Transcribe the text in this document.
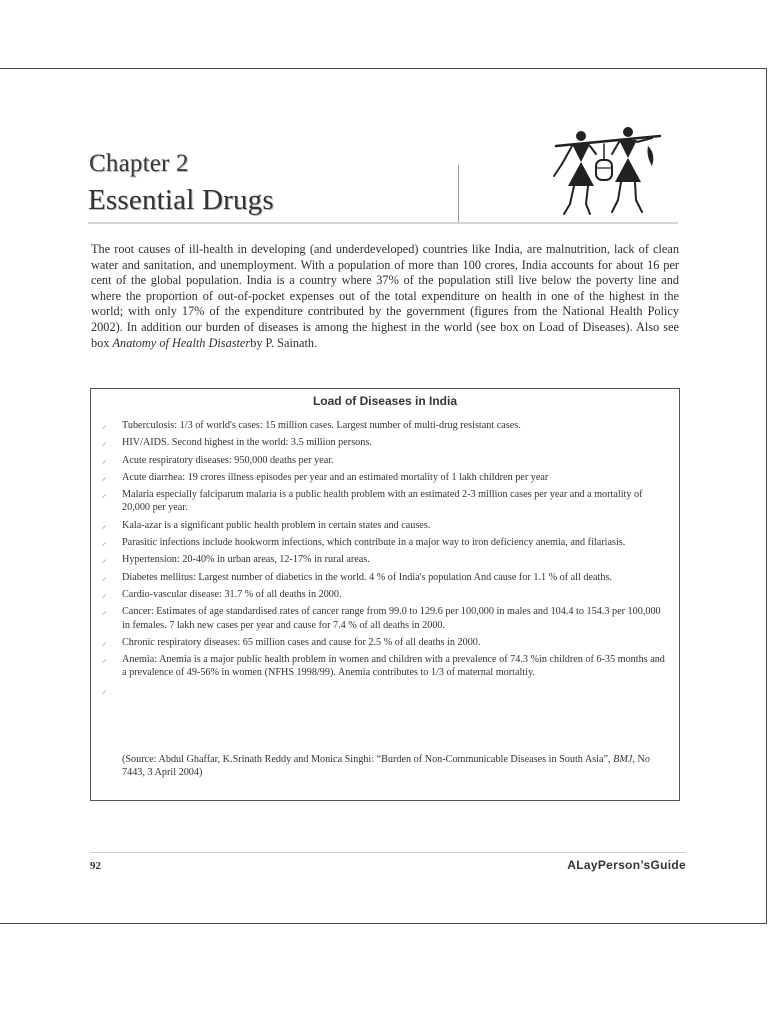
Chapter 2
Essential Drugs

The root causes of ill-health in developing (and underdeveloped) countries like India, are malnutrition, lack of clean water and sanitation, and unemployment. With a population of more than 100 crores, India accounts for about 16 per cent of the global population. India is a country where 37% of the population still live below the poverty line and where the proportion of out-of-pocket expenses out of the total expenditure on health in one of the highest in the world; with only 17% of the expenditure contributed by the government (figures from the National Health Policy 2002). In addition our burden of diseases is among the highest in the world (see box on Load of Diseases). Also see box Anatomy of Health Disasterby P. Sainath.

Load of Diseases in India
⸝ Tuberculosis: 1/3 of world's cases: 15 million cases. Largest number of multi-drug resistant cases.
⸝ HIV/AIDS. Second highest in the world: 3.5 million persons.
⸝ Acute respiratory diseases: 950,000 deaths per year.
⸝ Acute diarrhea: 19 crores illness episodes per year and an estimated mortality of 1 lakh children per year
⸝ Malaria especially falciparum malaria is a public health problem with an estimated 2-3 million cases per year and a mortality of 20,000 per year.
⸝ Kala-azar is a significant public health problem in certain states and causes.
⸝ Parasitic infections include hookworm infections, which contribute in a major way to iron deficiency anemia, and filariasis.
⸝ Hypertension: 20-40% in urban areas, 12-17% in rural areas.
⸝ Diabetes mellitus: Largest number of diabetics in the world. 4 % of India's population And cause for 1.1 % of all deaths.
⸝ Cardio-vascular disease: 31.7 % of all deaths in 2000.
⸝ Cancer: Estimates of age standardised rates of cancer range from 99.0 to 129.6 per 100,000 in males and 104.4 to 154.3 per 100,000 in females. 7 lakh new cases per year and cause for 7.4 % of all deaths in 2000.
⸝ Chronic respiratory diseases: 65 million cases and cause for 2.5 % of all deaths in 2000.
⸝ Anemia: Anemia is a major public health problem in women and children with a prevalence of 74.3 %in children of 6-35 months and a prevalence of 49-56% in women (NFHS 1998/99). Anemia contributes to 1/3 of maternal mortaltiy.
⸝
(Source: Abdul Ghaffar, K.Srinath Reddy and Monica Singhi: “Burden of Non-Communicable Diseases in South Asia”, BMJ, No 7443, 3 April 2004)
92	ALayPerson’sGuide
